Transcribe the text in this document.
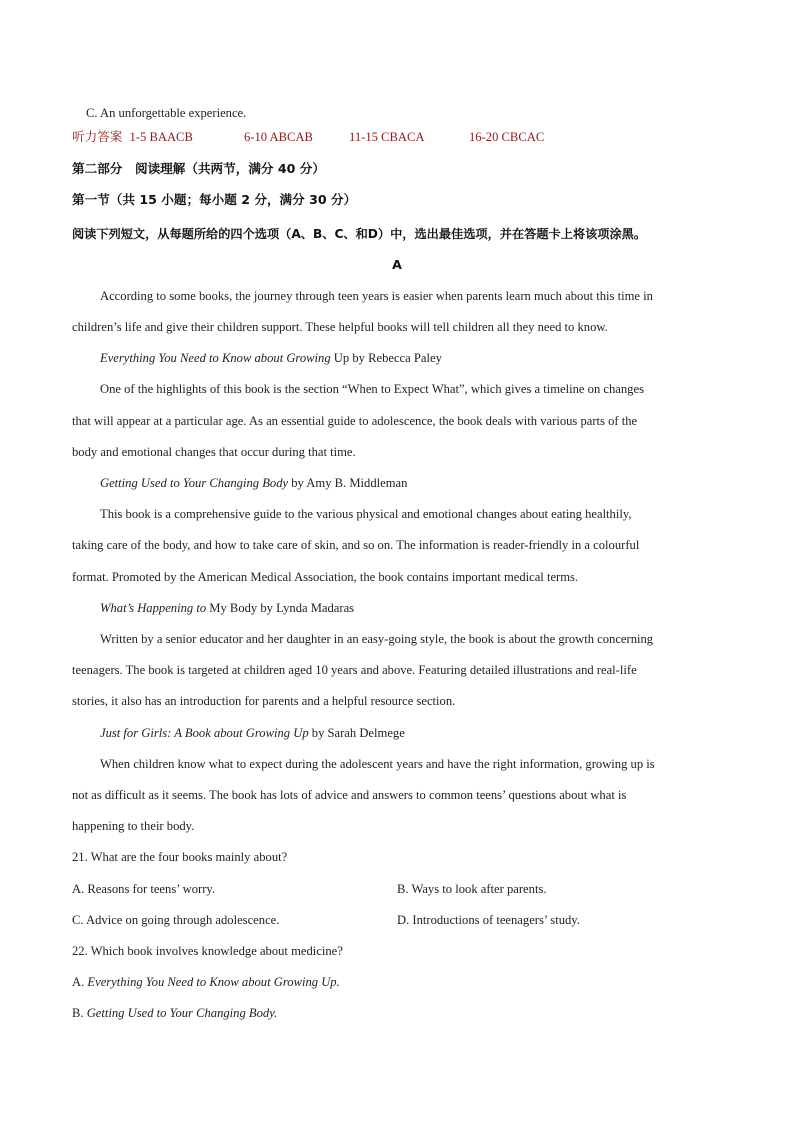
C. An unforgettable experience.
听力答案 1-5 BAACB	6-10 ABCAB	11-15 CBACA	16-20 CBCAC
第二部分　阅读理解（共两节，满分 40 分）
第一节（共 15 小题；每小题 2 分，满分 30 分）
阅读下列短文，从每题所给的四个选项（A、B、C、和D）中，选出最佳选项，并在答题卡上将该项涂黑。
A
According to some books, the journey through teen years is easier when parents learn much about this time in
children’s life and give their children support. These helpful books will tell children all they need to know.
Everything You Need to Know about Growing Up by Rebecca Paley
One of the highlights of this book is the section “When to Expect What”, which gives a timeline on changes
that will appear at a particular age. As an essential guide to adolescence, the book deals with various parts of the
body and emotional changes that occur during that time.
Getting Used to Your Changing Body by Amy B. Middleman
This book is a comprehensive guide to the various physical and emotional changes about eating healthily,
taking care of the body, and how to take care of skin, and so on. The information is reader-friendly in a colourful
format. Promoted by the American Medical Association, the book contains important medical terms.
What’s Happening to My Body by Lynda Madaras
Written by a senior educator and her daughter in an easy-going style, the book is about the growth concerning
teenagers. The book is targeted at children aged 10 years and above. Featuring detailed illustrations and real-life
stories, it also has an introduction for parents and a helpful resource section.
Just for Girls: A Book about Growing Up by Sarah Delmege
When children know what to expect during the adolescent years and have the right information, growing up is
not as difficult as it seems. The book has lots of advice and answers to common teens’ questions about what is
happening to their body.
21. What are the four books mainly about?
A. Reasons for teens’ worry.	B. Ways to look after parents.
C. Advice on going through adolescence.	D. Introductions of teenagers’ study.
22. Which book involves knowledge about medicine?
A. Everything You Need to Know about Growing Up.
B. Getting Used to Your Changing Body.
